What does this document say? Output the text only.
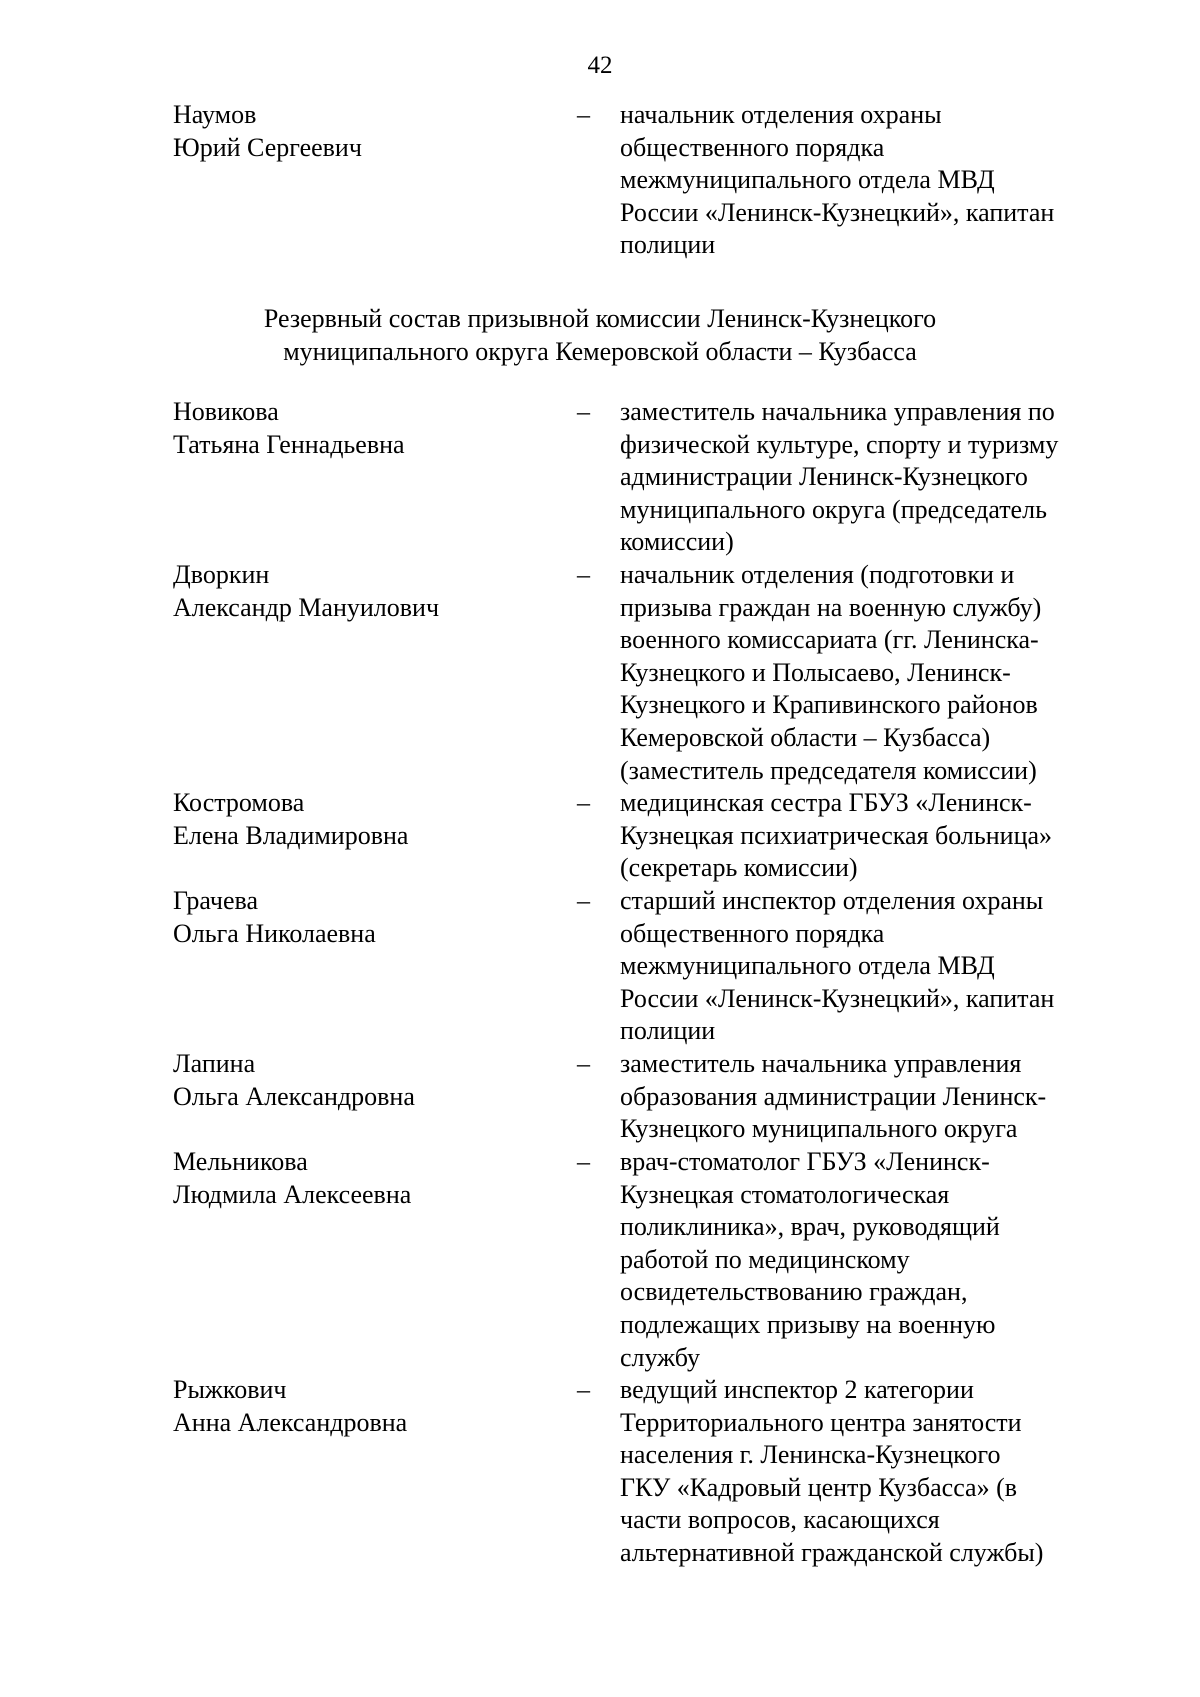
42
Наумов
Юрий Сергеевич
– начальник отделения охраны
общественного порядка
межмуниципального отдела МВД
России «Ленинск-Кузнецкий», капитан
полиции
Резервный состав призывной комиссии Ленинск-Кузнецкого
муниципального округа Кемеровской области – Кузбасса
Новикова
Татьяна Геннадьевна
– заместитель начальника управления по
физической культуре, спорту и туризму
администрации Ленинск-Кузнецкого
муниципального округа (председатель
комиссии)
Дворкин
Александр Мануилович
– начальник отделения (подготовки и
призыва граждан на военную службу)
военного комиссариата (гг. Ленинска-
Кузнецкого и Полысаево, Ленинск-
Кузнецкого и Крапивинского районов
Кемеровской области – Кузбасса)
(заместитель председателя комиссии)
Костромова
Елена Владимировна
– медицинская сестра ГБУЗ «Ленинск-
Кузнецкая психиатрическая больница»
(секретарь комиссии)
Грачева
Ольга Николаевна
– старший инспектор отделения охраны
общественного порядка
межмуниципального отдела МВД
России «Ленинск-Кузнецкий», капитан
полиции
Лапина
Ольга Александровна
– заместитель начальника управления
образования администрации Ленинск-
Кузнецкого муниципального округа
Мельникова
Людмила Алексеевна
– врач-стоматолог ГБУЗ «Ленинск-
Кузнецкая стоматологическая
поликлиника», врач, руководящий
работой по медицинскому
освидетельствованию граждан,
подлежащих призыву на военную
службу
Рыжкович
Анна Александровна
– ведущий инспектор 2 категории
Территориального центра занятости
населения г. Ленинска-Кузнецкого
ГКУ «Кадровый центр Кузбасса» (в
части вопросов, касающихся
альтернативной гражданской службы)
